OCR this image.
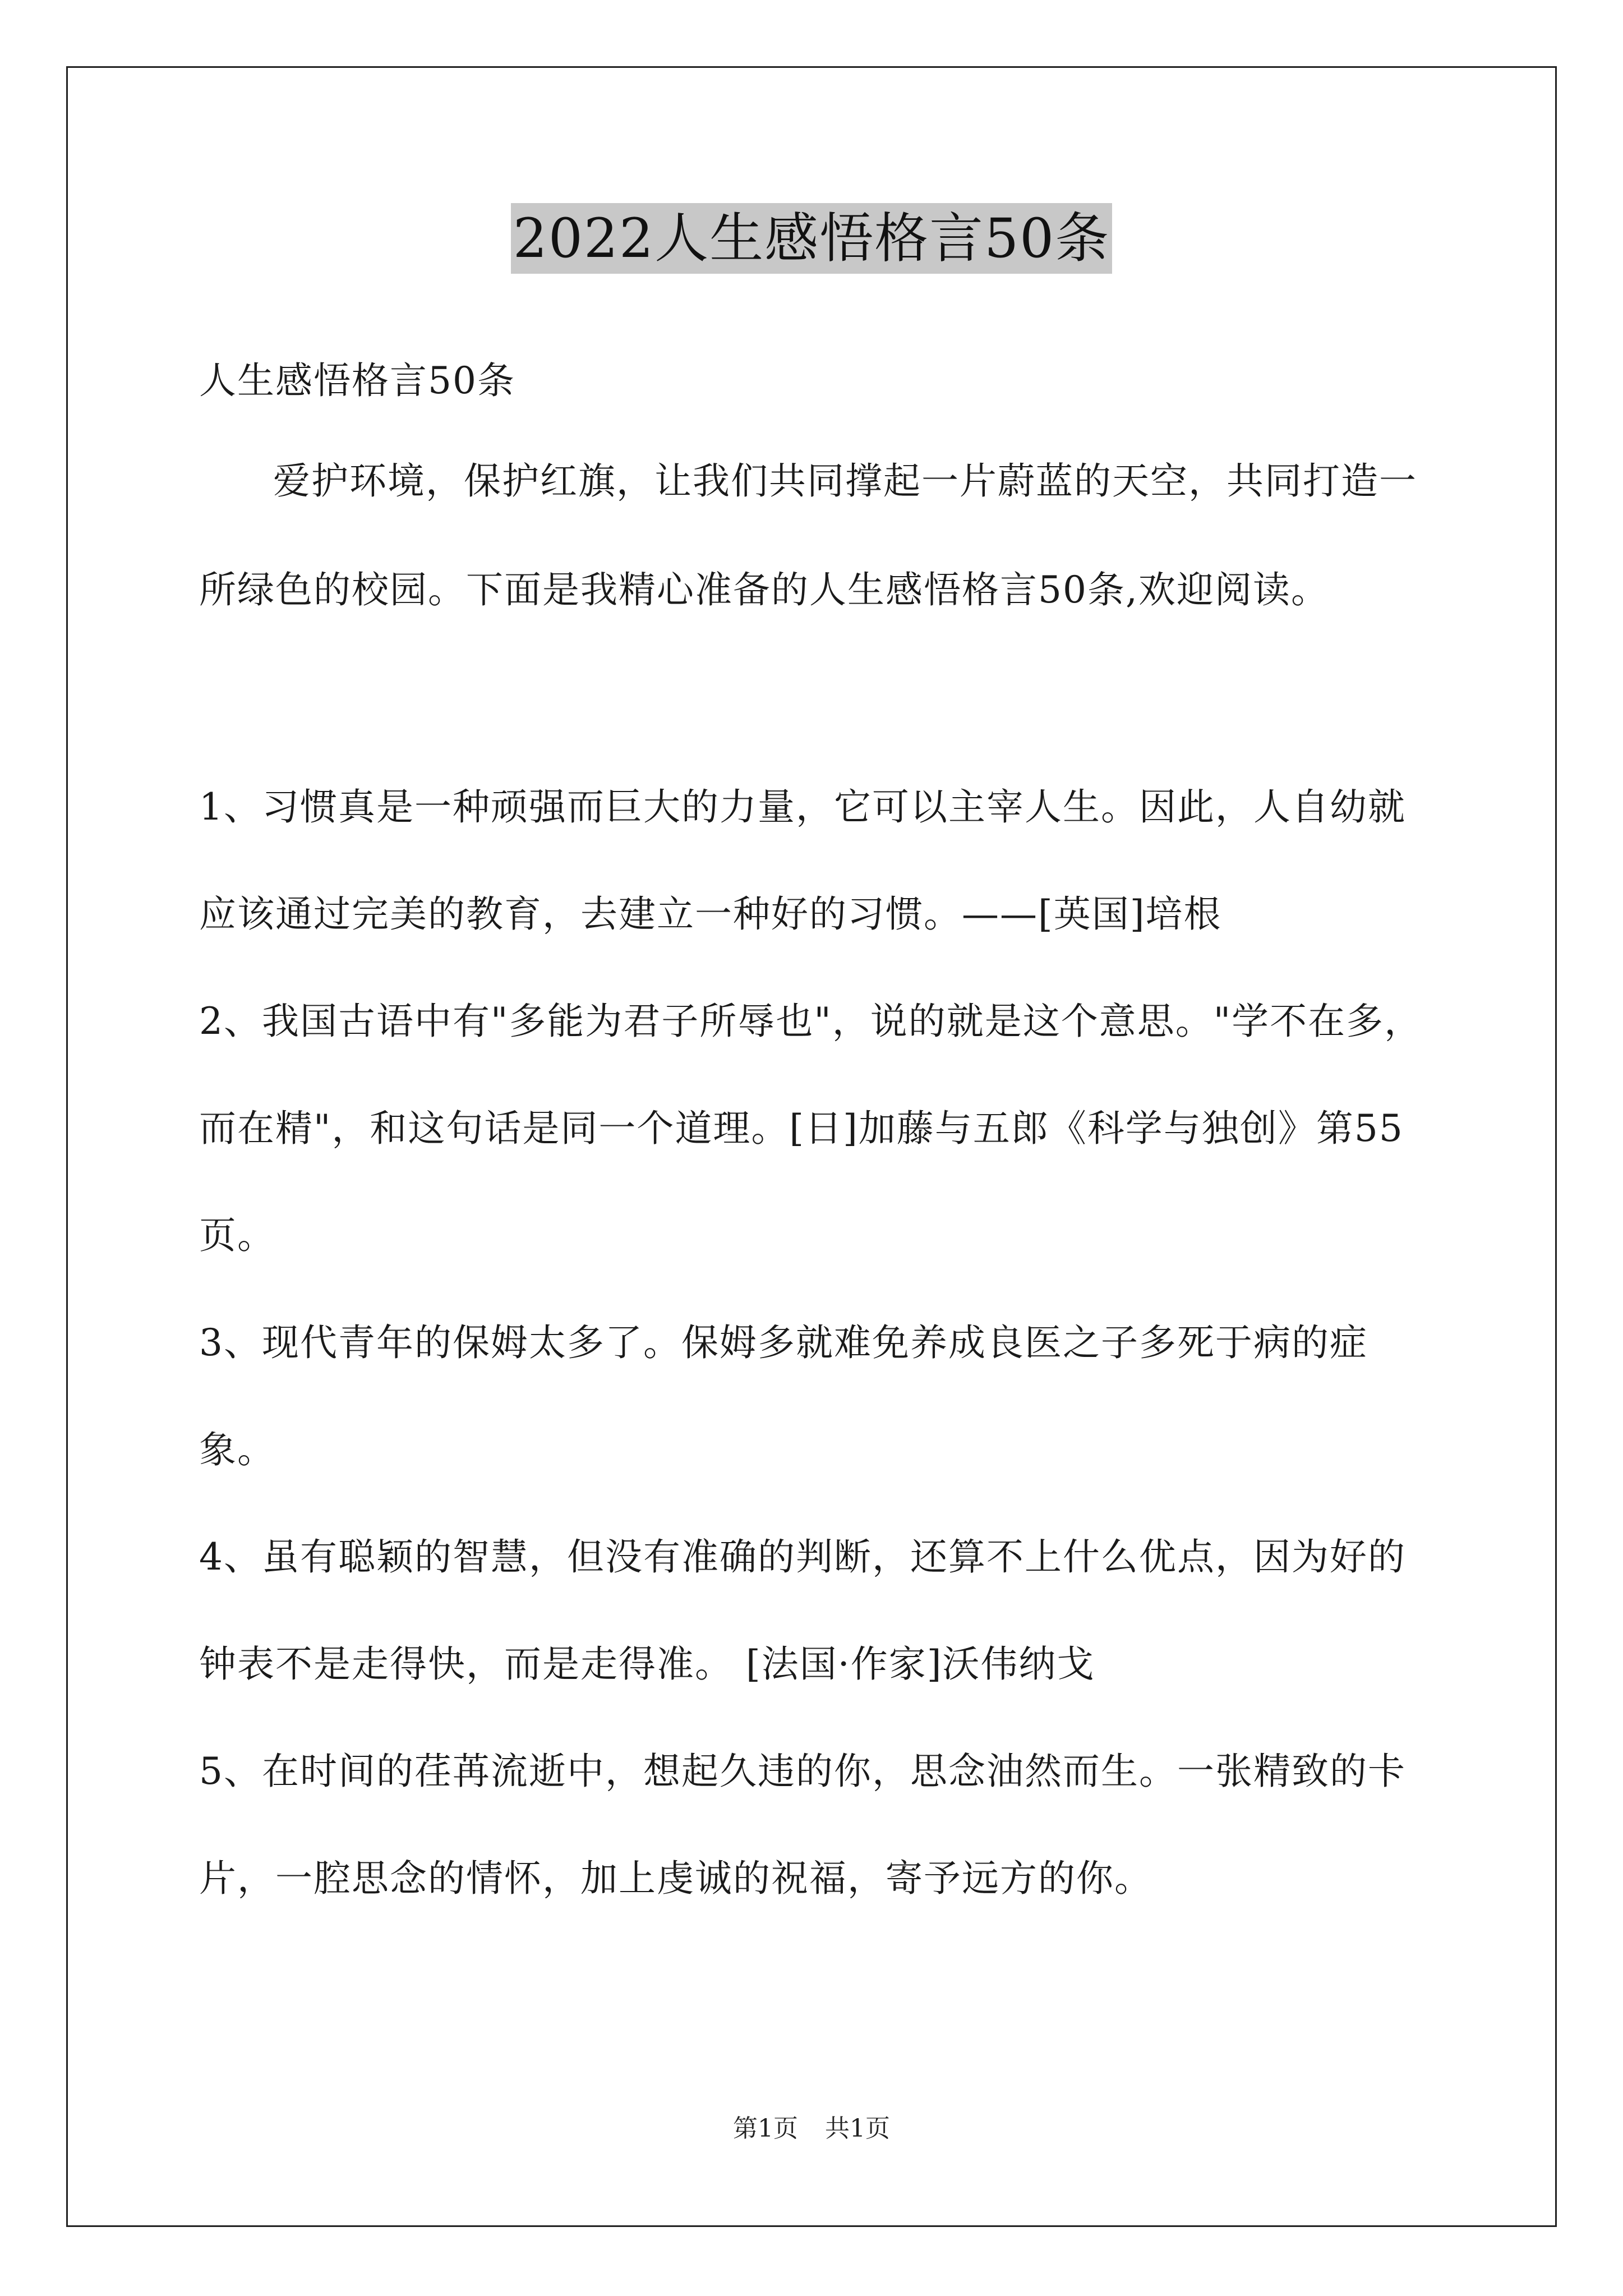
2022人生感悟格言50条

人生感悟格言50条

爱护环境，保护红旗，让我们共同撑起一片蔚蓝的天空，共同打造一所绿色的校园。下面是我精心准备的人生感悟格言50条,欢迎阅读。

1、习惯真是一种顽强而巨大的力量，它可以主宰人生。因此，人自幼就应该通过完美的教育，去建立一种好的习惯。——[英国]培根

2、我国古语中有"多能为君子所辱也"，说的就是这个意思。"学不在多，而在精"，和这句话是同一个道理。[日]加藤与五郎《科学与独创》第55页。

3、现代青年的保姆太多了。保姆多就难免养成良医之子多死于病的症象。

4、虽有聪颖的智慧，但没有准确的判断，还算不上什么优点，因为好的钟表不是走得快，而是走得准。 [法国·作家]沃伟纳戈

5、在时间的荏苒流逝中，想起久违的你，思念油然而生。一张精致的卡片，一腔思念的情怀，加上虔诚的祝福，寄予远方的你。

第1页 共1页
